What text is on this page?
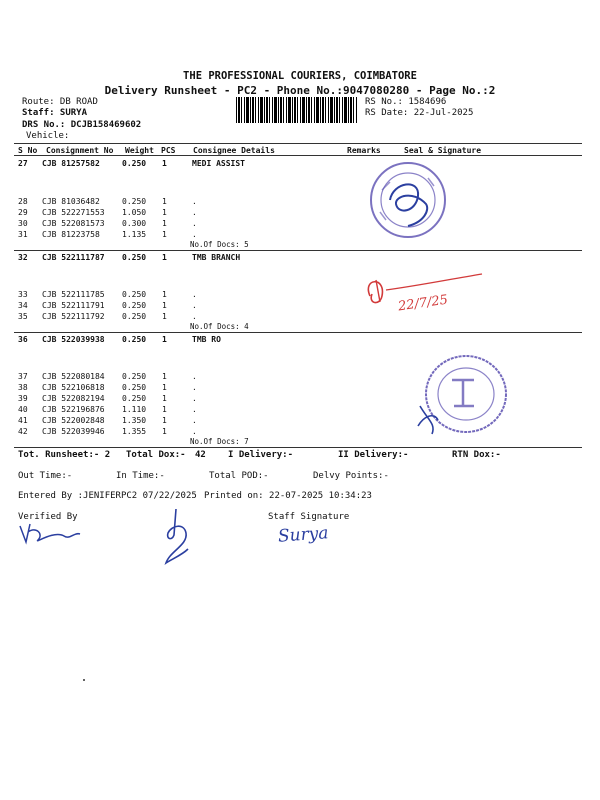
THE PROFESSIONAL COURIERS, COIMBATORE
Delivery Runsheet - PC2 - Phone No.:9047080280 - Page No.:2
Route: DB ROAD
Staff: SURYA
DRS No.: DCJB158469602
Vehicle:
RS No.: 1584696
RS Date: 22-Jul-2025
S No Consignment No Weight PCS Consignee Details	Remarks	Seal & Signature
27 CJB 81257582	0.250 1	MEDI ASSIST
28 CJB 81036482	0.250 1	.
29 CJB 522271553 1.050 1	.
30 CJB 522081573 0.300 1	.
31 CJB 81223758	1.135 1	.
No.Of Docs: 5
32 CJB 522111787 0.250 1	TMB BRANCH
33 CJB 522111785 0.250 1	.
34 CJB 522111791 0.250 1	.
35 CJB 522111792 0.250 1	.
No.Of Docs: 4
36 CJB 522039938 0.250 1	TMB RO
37 CJB 522080184 0.250 1	.
38 CJB 522106818 0.250 1	.
39 CJB 522082194 0.250 1	.
40 CJB 522196876 1.110 1	.
41 CJB 522002848 1.350 1	.
42 CJB 522039946 1.355 1	.
No.Of Docs: 7
Tot. Runsheet:- 2 Total Dox:- 42 I Delivery:-	II Delivery:-	RTN Dox:-
Out Time:-	In Time:-	Total POD:-	Delvy Points:-
Entered By :JENIFERPC2 07/22/2025 Printed on: 22-07-2025 10:34:23
Verified By	Staff Signature
22/7/25
Surya
